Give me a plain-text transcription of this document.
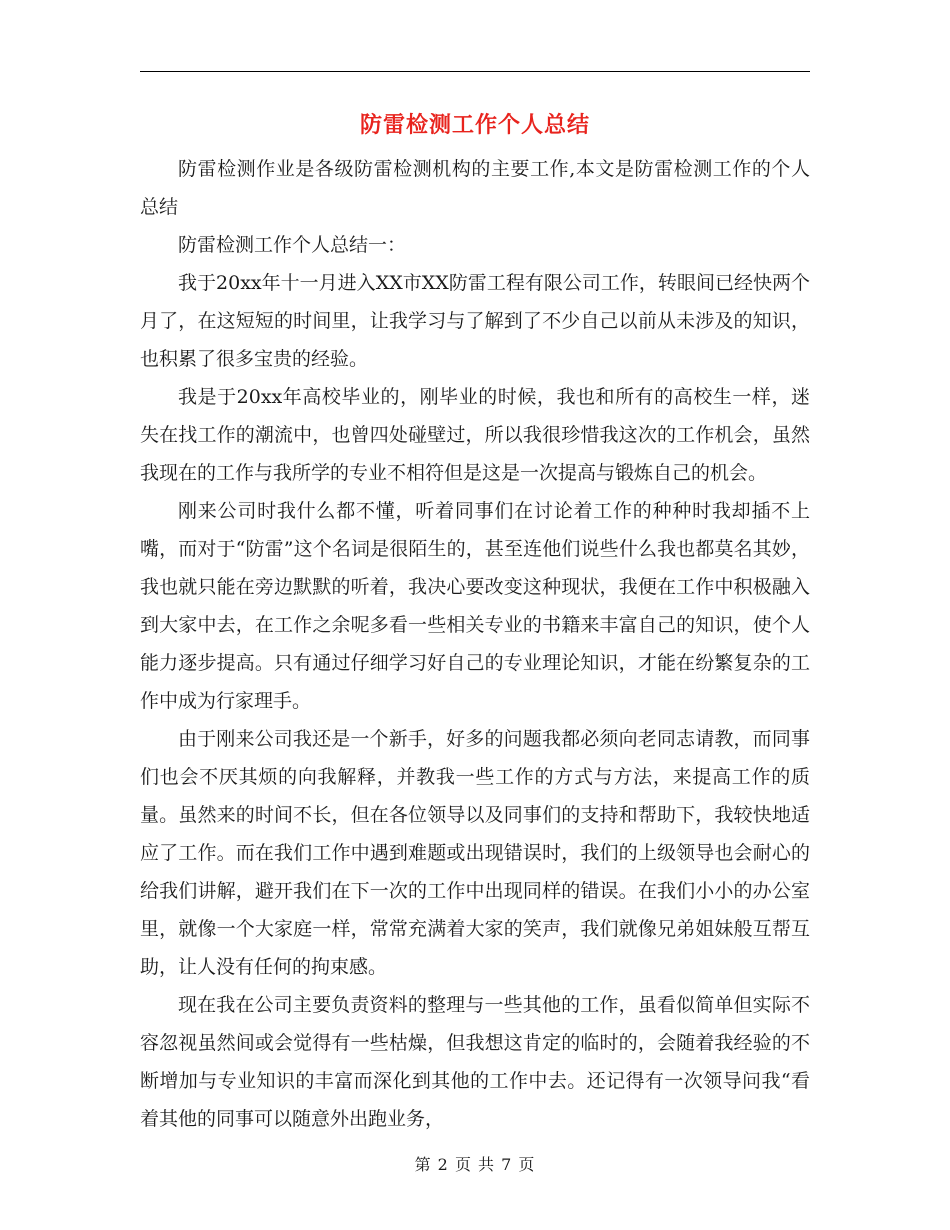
防雷检测工作个人总结

防雷检测作业是各级防雷检测机构的主要工作,本文是防雷检测工作的个人总结

防雷检测工作个人总结一：

我于20xx年十一月进入XX市XX防雷工程有限公司工作，转眼间已经快两个月了，在这短短的时间里，让我学习与了解到了不少自己以前从未涉及的知识，也积累了很多宝贵的经验。

我是于20xx年高校毕业的，刚毕业的时候，我也和所有的高校生一样，迷失在找工作的潮流中，也曾四处碰壁过，所以我很珍惜我这次的工作机会，虽然我现在的工作与我所学的专业不相符但是这是一次提高与锻炼自己的机会。

刚来公司时我什么都不懂，听着同事们在讨论着工作的种种时我却插不上嘴，而对于“防雷”这个名词是很陌生的，甚至连他们说些什么我也都莫名其妙，我也就只能在旁边默默的听着，我决心要改变这种现状，我便在工作中积极融入到大家中去，在工作之余呢多看一些相关专业的书籍来丰富自己的知识，使个人能力逐步提高。只有通过仔细学习好自己的专业理论知识，才能在纷繁复杂的工作中成为行家理手。

由于刚来公司我还是一个新手，好多的问题我都必须向老同志请教，而同事们也会不厌其烦的向我解释，并教我一些工作的方式与方法，来提高工作的质量。虽然来的时间不长，但在各位领导以及同事们的支持和帮助下，我较快地适应了工作。而在我们工作中遇到难题或出现错误时，我们的上级领导也会耐心的给我们讲解，避开我们在下一次的工作中出现同样的错误。在我们小小的办公室里，就像一个大家庭一样，常常充满着大家的笑声，我们就像兄弟姐妹般互帮互助，让人没有任何的拘束感。

现在我在公司主要负责资料的整理与一些其他的工作，虽看似简单但实际不容忽视虽然间或会觉得有一些枯燥，但我想这肯定的临时的，会随着我经验的不断增加与专业知识的丰富而深化到其他的工作中去。还记得有一次领导问我“看着其他的同事可以随意外出跑业务，

第 2 页 共 7 页
